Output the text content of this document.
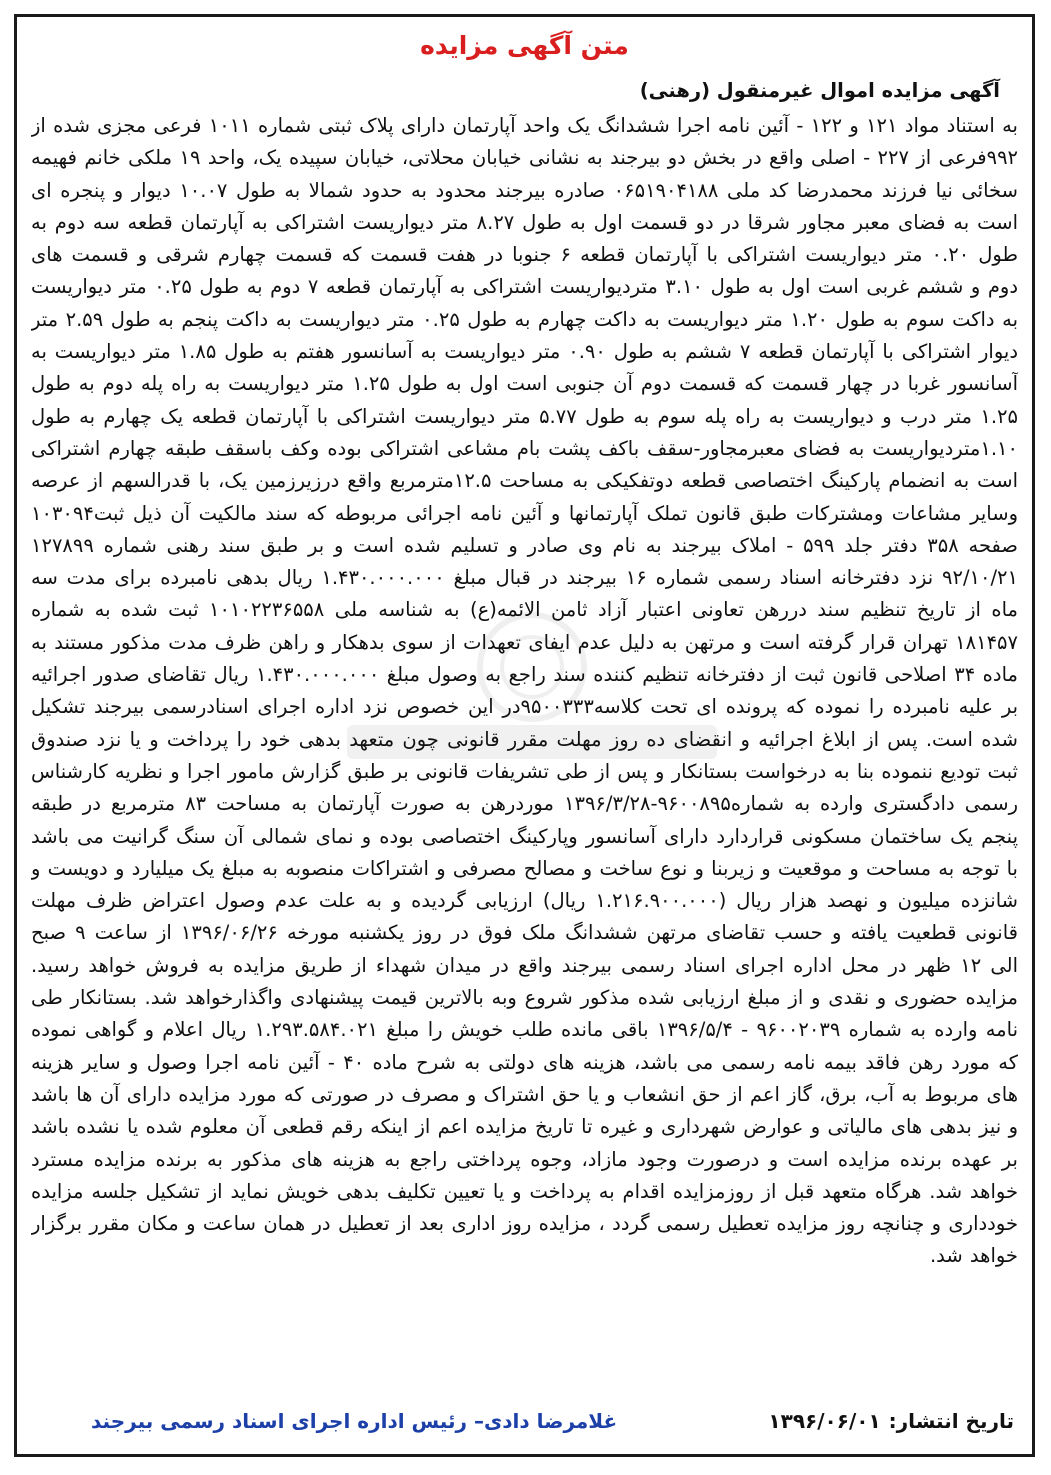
متن آگهی مزایده
آگهی مزایده اموال غیرمنقول (رهنی)
به استناد مواد ۱۲۱ و ۱۲۲ - آئین نامه اجرا ششدانگ یک واحد آپارتمان دارای پلاک ثبتی شماره ۱۰۱۱ فرعی مجزی شده از ۹۹۲فرعی از ۲۲۷ - اصلی واقع در بخش دو بیرجند به نشانی خیابان محلاتی، خیابان سپیده یک، واحد ۱۹ ملکی خانم فهیمه سخائی نیا فرزند محمدرضا کد ملی ۰۶۵۱۹۰۴۱۸۸ صادره بیرجند محدود به حدود شمالا به طول ۱۰.۰۷ دیوار و پنجره ای است به فضای معبر مجاور شرقا در دو قسمت اول به طول ۸.۲۷ متر دیواریست اشتراکی به آپارتمان قطعه سه دوم به طول ۰.۲۰ متر دیواریست اشتراکی با آپارتمان قطعه ۶ جنوبا در هفت قسمت که قسمت چهارم شرقی و قسمت های دوم و ششم غربی است اول به طول ۳.۱۰ متردیواریست اشتراکی به آپارتمان قطعه ۷ دوم به طول ۰.۲۵ متر دیواریست به داکت سوم به طول ۱.۲۰ متر دیواریست به داکت چهارم به طول ۰.۲۵ متر دیواریست به داکت پنجم به طول ۲.۵۹ متر دیوار اشتراکی با آپارتمان قطعه ۷ ششم به طول ۰.۹۰ متر دیواریست به آسانسور هفتم به طول ۱.۸۵ متر دیواریست به آسانسور غربا در چهار قسمت که قسمت دوم آن جنوبی است اول به طول ۱.۲۵ متر دیواریست به راه پله دوم به طول ۱.۲۵ متر درب و دیواریست به راه پله سوم به طول ۵.۷۷ متر دیواریست اشتراکی با آپارتمان قطعه یک چهارم به طول ۱.۱۰متردیواریست به فضای معبرمجاور-سقف باکف پشت بام مشاعی اشتراکی بوده وکف باسقف طبقه چهارم اشتراکی است به انضمام پارکینگ اختصاصی قطعه دوتفکیکی به مساحت ۱۲.۵مترمربع واقع درزیرزمین یک، با قدرالسهم از عرصه وسایر مشاعات ومشترکات طبق قانون تملک آپارتمانها و آئین نامه اجرائی مربوطه که سند مالکیت آن ذیل ثبت۱۰۳۰۹۴ صفحه ۳۵۸ دفتر جلد ۵۹۹ - املاک بیرجند به نام وی صادر و تسلیم شده است و بر طبق سند رهنی شماره ۱۲۷۸۹۹ ۹۲/۱۰/۲۱ نزد دفترخانه اسناد رسمی شماره ۱۶ بیرجند در قبال مبلغ ۱.۴۳۰.۰۰۰.۰۰۰ ریال بدهی نامبرده برای مدت سه ماه از تاریخ تنظیم سند دررهن تعاونی اعتبار آزاد ثامن الائمه(ع) به شناسه ملی ۱۰۱۰۲۲۳۶۵۵۸ ثبت شده به شماره ۱۸۱۴۵۷ تهران قرار گرفته است و مرتهن به دلیل عدم ایفای تعهدات از سوی بدهکار و راهن ظرف مدت مذکور مستند به ماده ۳۴ اصلاحی قانون ثبت از دفترخانه تنظیم کننده سند راجع به وصول مبلغ ۱.۴۳۰.۰۰۰.۰۰۰ ریال تقاضای صدور اجرائیه بر علیه نامبرده را نموده که پرونده ای تحت کلاسه۹۵۰۰۳۳۳در این خصوص نزد اداره اجرای اسنادرسمی بیرجند تشکیل شده است. پس از ابلاغ اجرائیه و انقضای ده روز مهلت مقرر قانونی چون متعهد بدهی خود را پرداخت و یا نزد صندوق ثبت تودیع ننموده بنا به درخواست بستانکار و پس از طی تشریفات قانونی بر طبق گزارش مامور اجرا و نظریه کارشناس رسمی دادگستری وارده به شماره۹۶۰۰۸۹۵-۱۳۹۶/۳/۲۸ موردرهن به صورت آپارتمان به مساحت ۸۳ مترمربع در طبقه پنجم یک ساختمان مسکونی قراردارد دارای آسانسور وپارکینگ اختصاصی بوده و نمای شمالی آن سنگ گرانیت می باشد با توجه به مساحت و موقعیت و زیربنا و نوع ساخت و مصالح مصرفی و اشتراکات منصوبه به مبلغ یک میلیارد و دویست و شانزده میلیون و نهصد هزار ریال (۱.۲۱۶.۹۰۰.۰۰۰ ریال) ارزیابی گردیده و به علت عدم وصول اعتراض ظرف مهلت قانونی قطعیت یافته و حسب تقاضای مرتهن ششدانگ ملک فوق در روز یکشنبه مورخه ۱۳۹۶/۰۶/۲۶ از ساعت ۹ صبح الی ۱۲ ظهر در محل اداره اجرای اسناد رسمی بیرجند واقع در میدان شهداء از طریق مزایده به فروش خواهد رسید. مزایده حضوری و نقدی و از مبلغ ارزیابی شده مذکور شروع وبه بالاترین قیمت پیشنهادی واگذارخواهد شد. بستانکار طی نامه وارده به شماره ۹۶۰۰۲۰۳۹ - ۱۳۹۶/۵/۴ باقی مانده طلب خویش را مبلغ ۱.۲۹۳.۵۸۴.۰۲۱ ریال اعلام و گواهی نموده که مورد رهن فاقد بیمه نامه رسمی می باشد، هزینه های دولتی به شرح ماده ۴۰ - آئین نامه اجرا وصول و سایر هزینه های مربوط به آب، برق، گاز اعم از حق انشعاب و یا حق اشتراک و مصرف در صورتی که مورد مزایده دارای آن ها باشد و نیز بدهی های مالیاتی و عوارض شهرداری و غیره تا تاریخ مزایده اعم از اینکه رقم قطعی آن معلوم شده یا نشده باشد بر عهده برنده مزایده است و درصورت وجود مازاد، وجوه پرداختی راجع به هزینه های مذکور به برنده مزایده مسترد خواهد شد. هرگاه متعهد قبل از روزمزایده اقدام به پرداخت و یا تعیین تکلیف بدهی خویش نماید از تشکیل جلسه مزایده خودداری و چنانچه روز مزایده تعطیل رسمی گردد ، مزایده روز اداری بعد از تعطیل در همان ساعت و مکان مقرر برگزار خواهد شد.
تاریخ انتشار:۱۳۹۶/۰۶/۰۱
غلامرضا دادی– رئیس اداره اجرای اسناد رسمی بیرجند
